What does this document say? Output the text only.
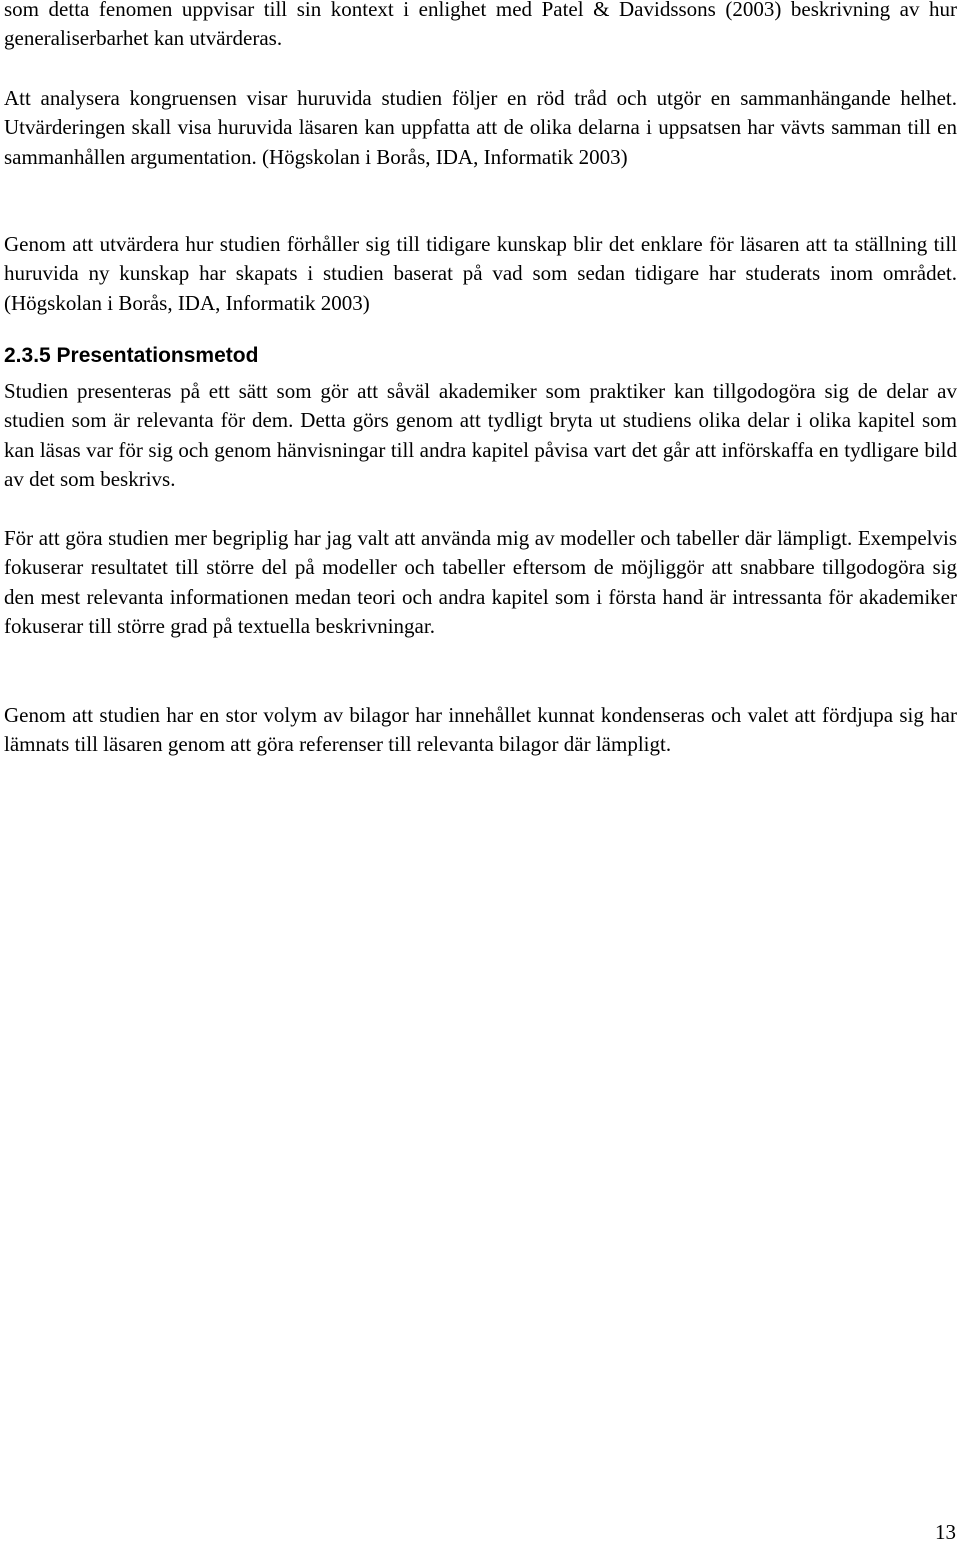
som detta fenomen uppvisar till sin kontext i enlighet med Patel & Davidssons (2003) beskrivning av hur generaliserbarhet kan utvärderas.

Att analysera kongruensen visar huruvida studien följer en röd tråd och utgör en sammanhängande helhet. Utvärderingen skall visa huruvida läsaren kan uppfatta att de olika delarna i uppsatsen har vävts samman till en sammanhållen argumentation. (Högskolan i Borås, IDA, Informatik 2003)

Genom att utvärdera hur studien förhåller sig till tidigare kunskap blir det enklare för läsaren att ta ställning till huruvida ny kunskap har skapats i studien baserat på vad som sedan tidigare har studerats inom området. (Högskolan i Borås, IDA, Informatik 2003)

2.3.5 Presentationsmetod

Studien presenteras på ett sätt som gör att såväl akademiker som praktiker kan tillgodogöra sig de delar av studien som är relevanta för dem. Detta görs genom att tydligt bryta ut studiens olika delar i olika kapitel som kan läsas var för sig och genom hänvisningar till andra kapitel påvisa vart det går att införskaffa en tydligare bild av det som beskrivs.

För att göra studien mer begriplig har jag valt att använda mig av modeller och tabeller där lämpligt. Exempelvis fokuserar resultatet till större del på modeller och tabeller eftersom de möjliggör att snabbare tillgodogöra sig den mest relevanta informationen medan teori och andra kapitel som i första hand är intressanta för akademiker fokuserar till större grad på textuella beskrivningar.

Genom att studien har en stor volym av bilagor har innehållet kunnat kondenseras och valet att fördjupa sig har lämnats till läsaren genom att göra referenser till relevanta bilagor där lämpligt.

13
